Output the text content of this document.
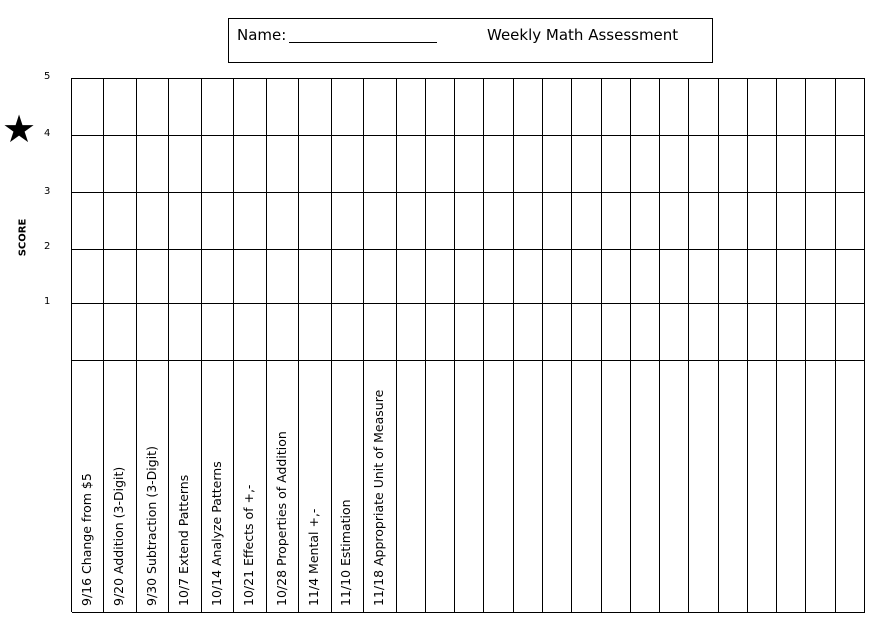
Name:	Weekly Math Assessment
5
4
3
2
1
SCORE
★
9/16 Change from $5 9/20 Addition (3-Digit) 9/30 Subtraction (3-Digit) 10/7 Extend Patterns 10/14 Analyze Patterns 10/21 Effects of +,- 10/28 Properties of Addition 11/4 Mental +,- 11/10 Estimation 11/18 Appropriate Unit of Measure
